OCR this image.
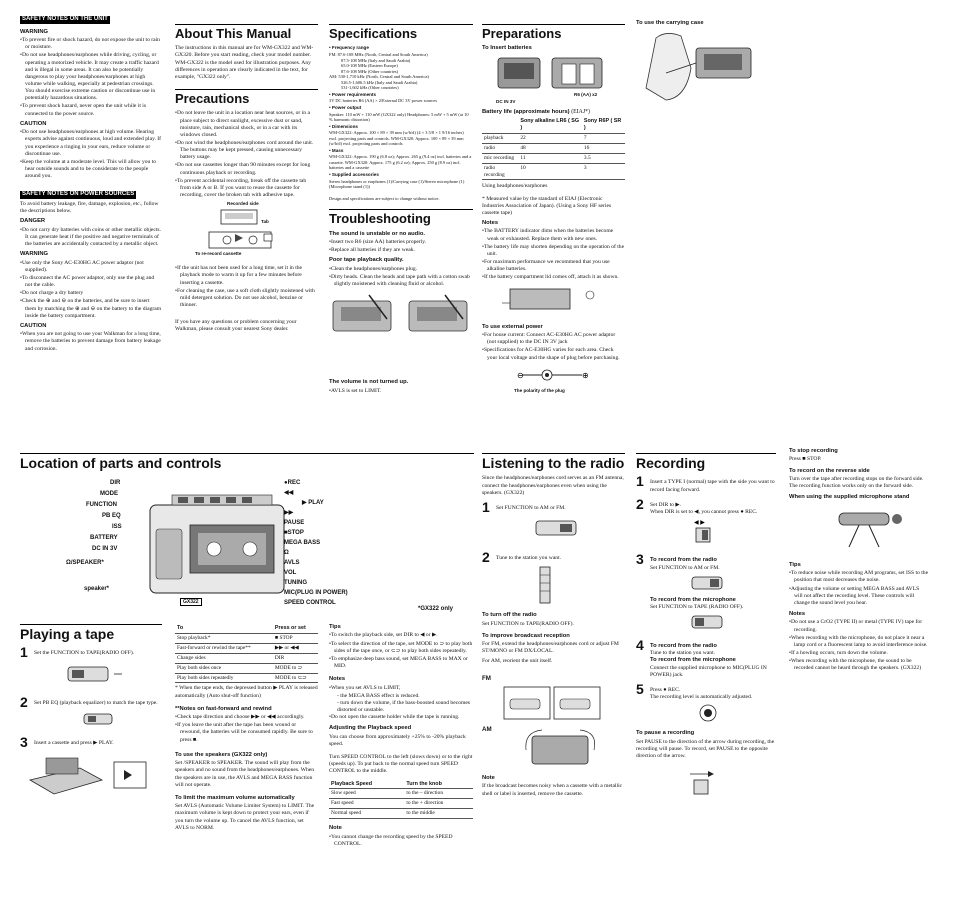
SAFETY NOTES ON THE UNIT
WARNING
• To prevent fire or shock hazard, do not expose the unit to rain or moisture.
• Do not use headphones/earphones while driving, cycling, or operating a motorized vehicle. It may create a traffic hazard and is illegal in some areas. It can also be potentially dangerous to play your headphones/earphones at high volume while walking, especially at pedestrian crossings. You should exercise extreme caution or discontinue use in potentially hazardous situations.
• To prevent shock hazard, never open the unit while it is connected to the power source.
CAUTION
• Do not use headphones/earphones at high volume. Hearing experts advise against continuous, loud and extended play. If you experience a ringing in your ears, reduce volume or discontinue use.
• Keep the volume at a moderate level. This will allow you to hear outside sounds and to be considerate to the people around you.
SAFETY NOTES ON POWER SOURCES

To avoid battery leakage, fire, damage, explosion, etc., follow the descriptions below.

DANGER
• Do not carry dry batteries with coins or other metallic objects. It can generate heat if the positive and negative terminals of the batteries are accidentally contacted by a metallic object.
WARNING
• Use only the Sony AC-E30HG AC power adaptor (not supplied).
• To disconnect the AC power adaptor, only use the plug and not the cable.
• Do not charge a dry battery
• Check the ⊕ and ⊖ on the batteries, and be sure to insert them by matching the ⊕ and ⊖ on the battery to the diagram inside the battery compartment.
CAUTION
• When you are not going to use your Walkman for a long time, remove the batteries to prevent damage from battery leakage and corrosion.
About This Manual

The instructions in this manual are for WM-GX322 and WM-GX320. Before you start reading, check your model number. WM-GX322 is the model used for illustration purposes. Any differences in operation are clearly indicated in the text, for example, "GX322 only".

Precautions
• Do not leave the unit in a location near heat sources, or in a place subject to direct sunlight, excessive dust or sand, moisture, rain, mechanical shock, or in a car with its windows closed.
• Do not wind the headphones/earphones cord around the unit. The buttons may be kept pressed, causing unnecessary battery usage.
• Do not use cassettes longer than 90 minutes except for long continuous playback or recording.
• To prevent accidental recording, break off the cassette tab from side A or B. If you want to reuse the cassette for recording, cover the broken tab with adhesive tape.
Recorded side
Tab
To re-record cassette
• If the unit has not been used for a long time, set it in the playback mode to warm it up for a few minutes before inserting a cassette.
• For cleaning the case, use a soft cloth slightly moistened with mild detergent solution. Do not use alcohol, benzine or thinner.

If you have any questions or problem concerning your Walkman, please consult your nearest Sony dealer.

Specifications
• Frequency range
FM: 87.6-108 MHz (North, Central and South America)
87.5-108 MHz (Italy and Saudi Arabia)
65.0-108 MHz (Eastern Europe)
87.6-108 MHz (Other countries)
AM: 530-1,710 kHz (North, Central and South America)
526.5-1,606.5 kHz (Italy and Saudi Arabia)
531-1,602 kHz (Other countries)
• Power requirements
3V DC batteries R6 (AA) × 2/External DC 3V power sources
• Power output
Speaker: 110 mW + 110 mW (GX322 only) Headphones: 5 mW + 5 mW (at 10 % harmonic distortion)
• Dimensions
WM-GX322: Approx. 100 × 89 × 39 mm (w/h/d) (4 × 3 5/8 × 1 9/16 inches) excl. projecting parts and controls. WM-GX320: Approx. 100 × 89 × 39 mm (w/h/d) excl. projecting parts and controls
• Mass
WM-GX322: Approx. 190 g (6.8 oz); Approx. 265 g (9.4 oz) incl. batteries and a cassette. WM-GX320: Approx. 175 g (6.2 oz); Approx. 250 g (8.9 oz) incl. batteries and a cassette
• Supplied accessories
Stereo headphones or earphones (1)/Carrying case (1)/Stereo microphone (1) (Microphone stand (1))
Design and specifications are subject to change without notice.
Troubleshooting
The sound is unstable or no audio.
• Insert two R6 (size AA) batteries properly.
• Replace all batteries if they are weak.
Poor tape playback quality.
• Clean the headphones/earphones plug.
• Dirty heads. Clean the heads and tape path with a cotton swab slightly moistened with cleaning fluid or alcohol.
The volume is not turned up.
• AVLS is set to LIMIT.
Preparations
To Insert batteries
DC IN 3V
R6 (AA) x2
Battery life (approximate hours) (EIAJ*)
	Sony alkaline LR6 ( SG )	Sony R6P ( SR )
playback	22	7
radio	48	16
mic recording	11	3.5
radio recording	10	3

Using headphones/earphones

* Measured value by the standard of EIAJ (Electronic Industries Association of Japan). (Using a Sony HF series cassette tape)

Notes
• The BATTERY indicator dims when the batteries become weak or exhausted. Replace them with new ones.
• The battery life may shorten depending on the operation of the unit.
• For maximum performance we recommend that you use alkaline batteries.
• If the battery compartment lid comes off, attach it as shown.
To use external power
• For house current: Connect AC-E30HG AC power adaptor (not supplied) to the DC IN 3V jack
• Specifications for AC-E30HG varies for each area. Check your local voltage and the shape of plug before purchasing.
⊖	⊕
The polarity of the plug
To use the carrying case
Location of parts and controls
DIR
MODE
FUNCTION
PB EQ
ISS
BATTERY
DC IN 3V
Ω/SPEAKER*
speaker*
GX322
●REC
◀◀
▶ PLAY
▶▶
PAUSE
■STOP
MEGA BASS
Ω
AVLS
VOL
TUNING
MIC(PLUG IN POWER)
SPEED CONTROL
*GX322 only
Playing a tape
1	Set the FUNCTION to TAPE(RADIO OFF).
2	Set PB EQ (playback equalizer) to match the tape type.
3	Insert a cassette and press ▶ PLAY.
To	Press or set
Stop playback*	■ STOP
Fast-forward or rewind the tape**	▶▶ or ◀◀
Change sides	DIR
Play both sides once	MODE to ⊃
Play both sides repeatedly	MODE to ⊂⊃

* When the tape ends, the depressed button ▶ PLAY is released automatically (Auto shut-off function)

**Notes on fast-forward and rewind
• Check tape direction and choose ▶▶ or ◀◀ accordingly.
• If you leave the unit after the tape has been wound or rewound, the batteries will be consumed rapidly. Be sure to press ■.
To use the speakers (GX322 only)

Set /SPEAKER to SPEAKER. The sound will play from the speakers and no sound from the headphones/earphones. When the speakers are in use, the AVLS and MEGA BASS function will not operate.

To limit the maximum volume automatically

Set AVLS (Automatic Volume Limiter System) to LIMIT. The maximum volume is kept down to protect your ears, even if you turn the volume up. To cancel the AVLS function, set AVLS to NORM.

Tips
• To switch the playback side, set DIR to ◀ or ▶.
• To select the direction of the tape, set MODE to ⊃ to play both sides of the tape once, or ⊂⊃ to play both sides repeatedly.
• To emphasize deep bass sound, set MEGA BASS to MAX or MID.
Notes
• When you set AVLS to LIMIT,
- the MEGA BASS effect is reduced.
- turn down the volume, if the bass-boosted sound becomes distorted or unstable.
• Do not open the cassette holder while the tape is running.
Adjusting the Playback speed

You can choose from approximately +25% to -20% playback speed.

Turn SPEED CONTROL to the left (slows down) or to the right (speeds up). To put back to the normal speed turn SPEED CONTROL to the middle.

Playback Speed	Turn the knob
Slow speed	to the – direction
Fast speed	to the + direction
Normal speed	to the middle
Note
• You cannot change the recording speed by the SPEED CONTROL.
Listening to the radio

Since the headphones/earphones cord serves as an FM antenna, connect the headphones/earphones even when using the speakers. (GX322)

1	Set FUNCTION to AM or FM.
2	Tune to the station you want.
To turn off the radio

Set FUNCTION to TAPE(RADIO OFF).

To improve broadcast reception

For FM, extend the headphones/earphones cord or adjust FM ST/MONO or FM DX/LOCAL.

For AM, reorient the unit itself.

FM
AM
Note

If the broadcast becomes noisy when a cassette with a metallic shell or label is inserted, remove the cassette.

Recording
1	Insert a TYPE I (normal) tape with the side you want to record facing forward.
2	Set DIR to ▶.
When DIR is set to ◀, you cannot press ● REC.
◀ ▶
3	To record from the radio
Set FUNCTION to AM or FM.
To record from the microphone
Set FUNCTION to TAPE (RADIO OFF).
4	To record from the radio
Tune to the station you want.
To record from the microphone
Connect the supplied microphone to MIC(PLUG IN POWER) jack.
5	Press ● REC.
The recording level is automatically adjusted.
To pause a recording

Set PAUSE to the direction of the arrow during recording, the recording will pause. To record, set PAUSE to the opposite direction of the arrow.

To stop recording

Press ■ STOP.

To record on the reverse side

Turn over the tape after recording stops on the forward side. The recording function works only on the forward side.

When using the supplied microphone stand
Tips
• To reduce noise while recording AM programs, set ISS to the position that most decreases the noise.
• Adjusting the volume or setting MEGA BASS and AVLS will not affect the recording level. These controls will change the sound level you hear.
Notes
• Do not use a CrO2 (TYPE II) or metal (TYPE IV) tape for recording.
• When recording with the microphone, do not place it near a lamp cord or a fluorescent lamp to avoid interference noise.
• If a howling occurs, turn down the volume.
• When recording with the microphone, the sound to be recorded cannot be heard through the speakers. (GX322)
